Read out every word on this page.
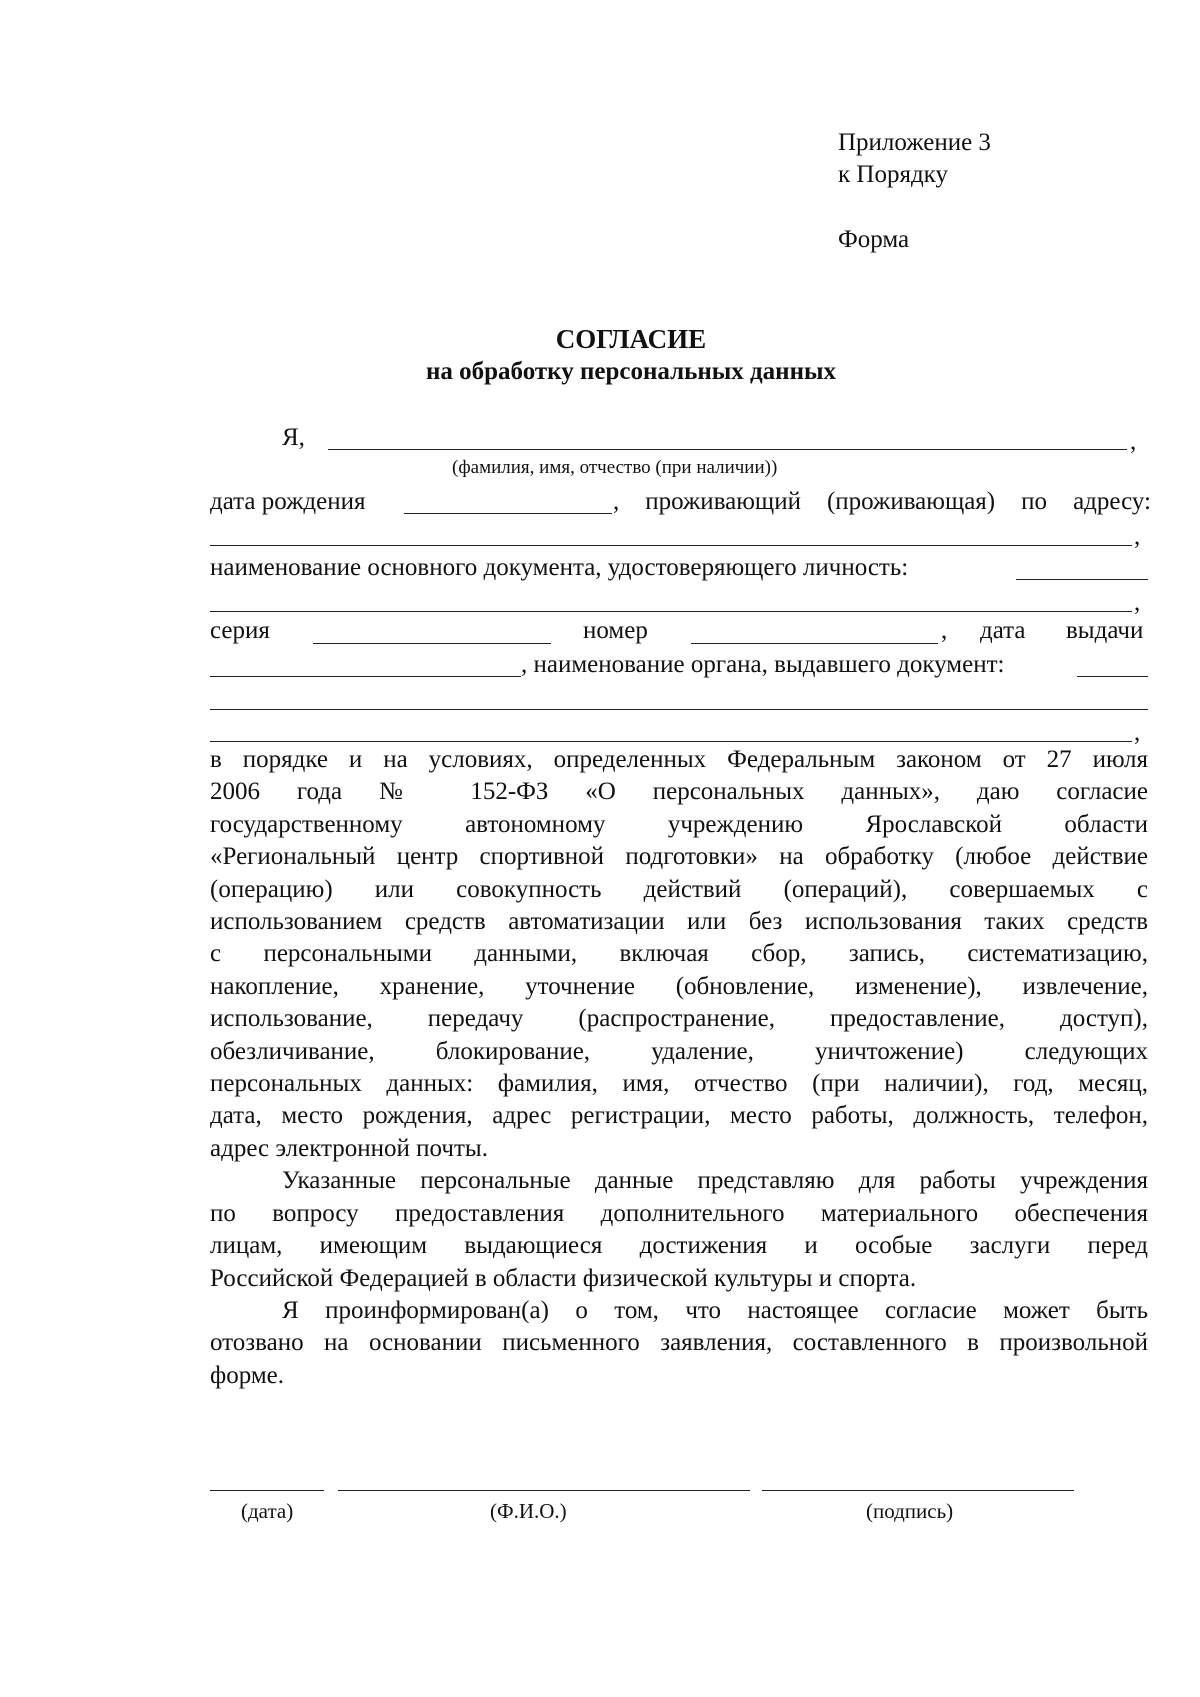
Приложение 3
к Порядку
Форма
СОГЛАСИЕ
на обработку персональных данных
Я,	,
(фамилия, имя, отчество (при наличии))
дата рождения	, проживающий (проживающая) по адресу:
,
наименование основного документа, удостоверяющего личность:
,
серия	номер	, дата выдачи
, наименование органа, выдавшего документ:
,
в порядке и на условиях, определенных Федеральным законом от 27 июля
2006 года № 152-ФЗ «О персональных данных», даю согласие
государственному автономному учреждению Ярославской области
«Региональный центр спортивной подготовки» на обработку (любое действие
(операцию) или совокупность действий (операций), совершаемых с
использованием средств автоматизации или без использования таких средств
с персональными данными, включая сбор, запись, систематизацию,
накопление, хранение, уточнение (обновление, изменение), извлечение,
использование, передачу (распространение, предоставление, доступ),
обезличивание, блокирование, удаление, уничтожение) следующих
персональных данных: фамилия, имя, отчество (при наличии), год, месяц,
дата, место рождения, адрес регистрации, место работы, должность, телефон,
адрес электронной почты.
Указанные персональные данные представляю для работы учреждения
по вопросу предоставления дополнительного материального обеспечения
лицам, имеющим выдающиеся достижения и особые заслуги перед
Российской Федерацией в области физической культуры и спорта.
Я проинформирован(а) о том, что настоящее согласие может быть
отозвано на основании письменного заявления, составленного в произвольной
форме.
(дата)	(Ф.И.О.)	(подпись)
